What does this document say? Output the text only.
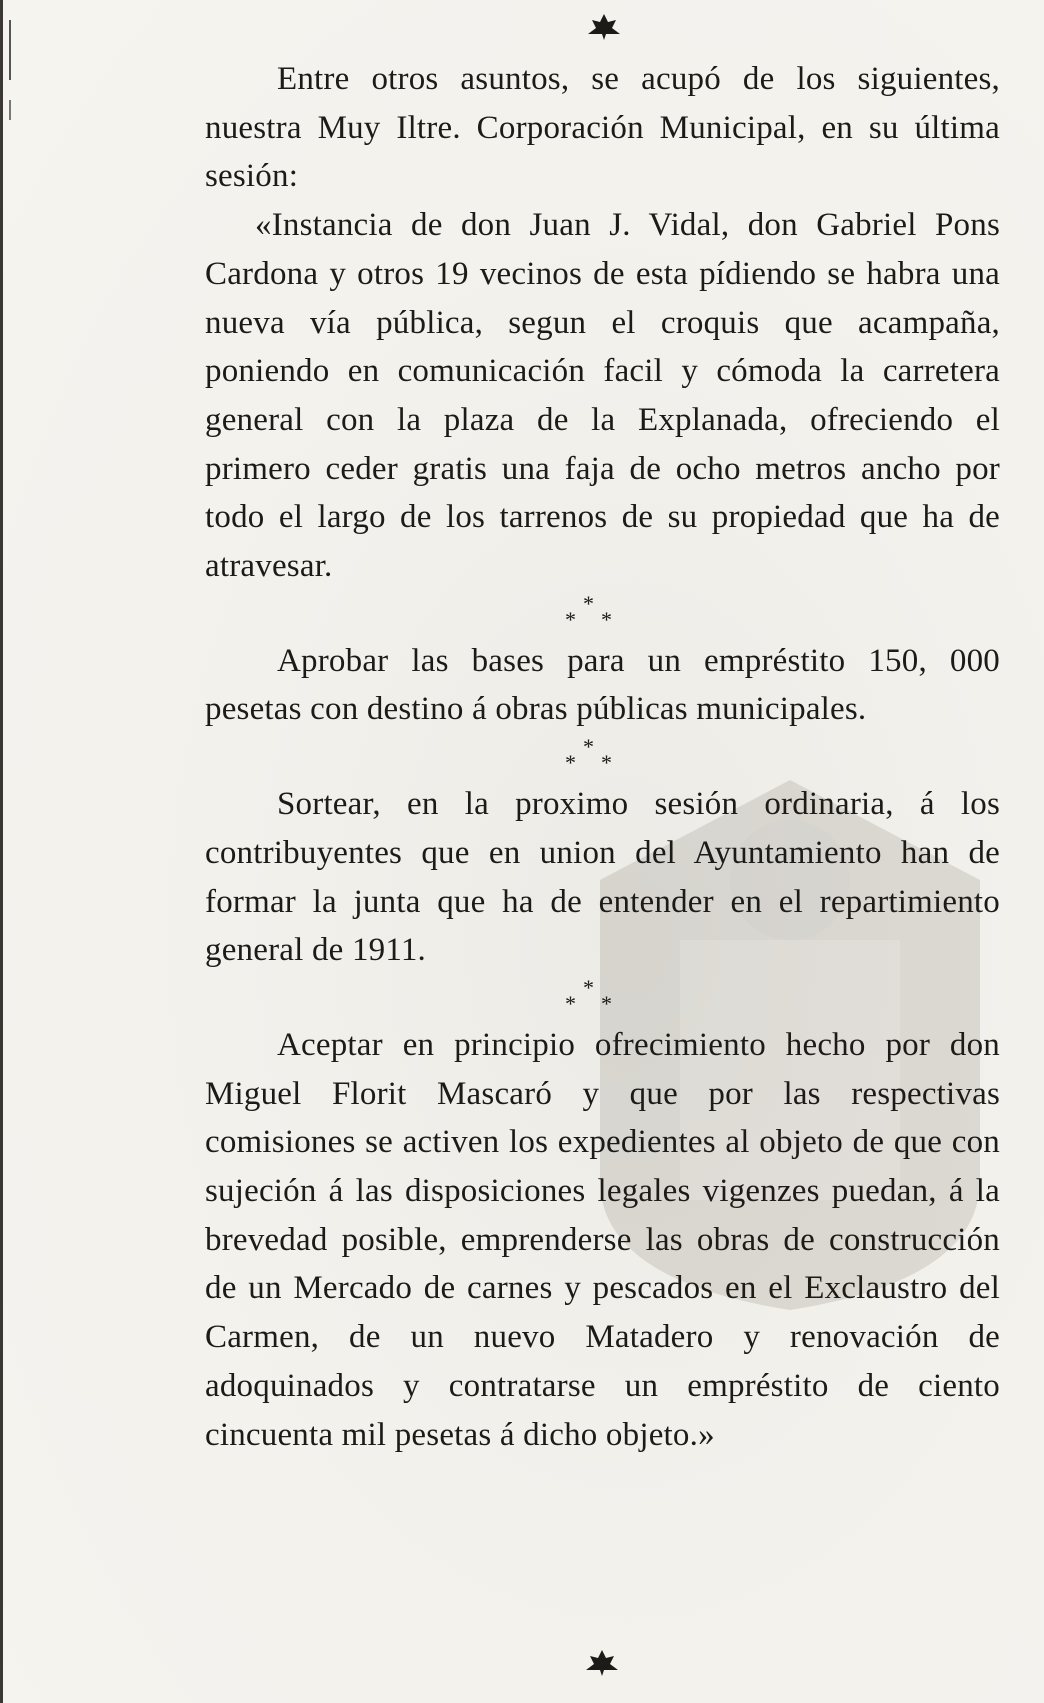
Entre otros asuntos, se acupó de los siguientes, nuestra Muy Iltre. Corporación Municipal, en su última sesión:

«Instancia de don Juan J. Vidal, don Gabriel Pons Cardona y otros 19 vecinos de esta pídiendo se habra una nueva vía pública, segun el croquis que acampaña, poniendo en comunicación facil y cómoda la carretera general con la plaza de la Explanada, ofreciendo el primero ceder gratis una faja de ocho metros ancho por todo el largo de los tarrenos de su propiedad que ha de atravesar.

*
* *

Aprobar las bases para un empréstito 150, 000 pesetas con destino á obras públicas municipales.

*
* *

Sortear, en la proximo sesión ordinaria, á los contribuyentes que en union del Ayuntamiento han de formar la junta que ha de entender en el repartimiento general de 1911.

*
* *

Aceptar en principio ofrecimiento hecho por don Miguel Florit Mascaró y que por las respectivas comisiones se activen los expedientes al objeto de que con sujeción á las disposiciones legales vigenzes puedan, á la brevedad posible, emprenderse las obras de construcción de un Mercado de carnes y pescados en el Exclaustro del Carmen, de un nuevo Matadero y renovación de adoquinados y contratarse un empréstito de ciento cincuenta mil pesetas á dicho objeto.»
